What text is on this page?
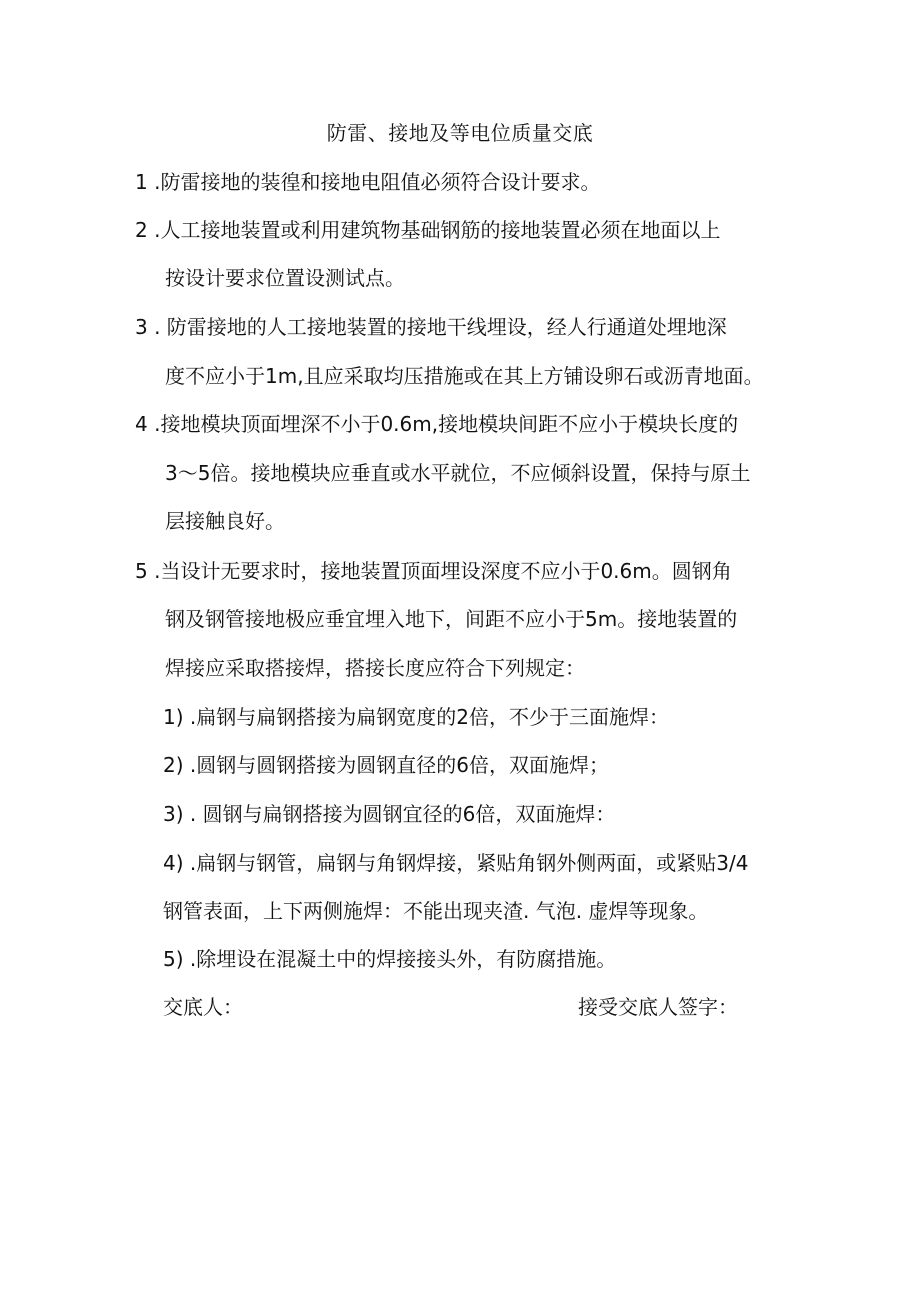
防雷、接地及等电位质量交底
1 .防雷接地的装徨和接地电阻值必须符合设计要求。
2 .人工接地装置或利用建筑物基础钢筋的接地装置必须在地面以上
按设计要求位置设测试点。
3 . 防雷接地的人工接地装置的接地干线埋设，经人行通道处埋地深
度不应小于1m,且应采取均压措施或在其上方铺设卵石或沥青地面。
4 .接地模块顶面埋深不小于0.6m,接地模块间距不应小于模块长度的
3〜5倍。接地模块应垂直或水平就位，不应倾斜设置，保持与原土
层接触良好。
5 .当设计无要求时，接地装置顶面埋设深度不应小于0.6m。圆钢角
钢及钢管接地极应垂宜埋入地下，间距不应小于5m。接地装置的
焊接应采取搭接焊，搭接长度应符合下列规定：
1) .扁钢与扁钢搭接为扁钢宽度的2倍，不少于三面施焊：
2) .圆钢与圆钢搭接为圆钢直径的6倍，双面施焊；
3) . 圆钢与扁钢搭接为圆钢宜径的6倍，双面施焊：
4) .扁钢与钢管，扁钢与角钢焊接，紧贴角钢外侧两面，或紧贴3/4
钢管表面，上下两侧施焊：不能出现夹渣. 气泡. 虚焊等现象。
5) .除埋设在混凝土中的焊接接头外，有防腐措施。
交底人：	接受交底人签字：
